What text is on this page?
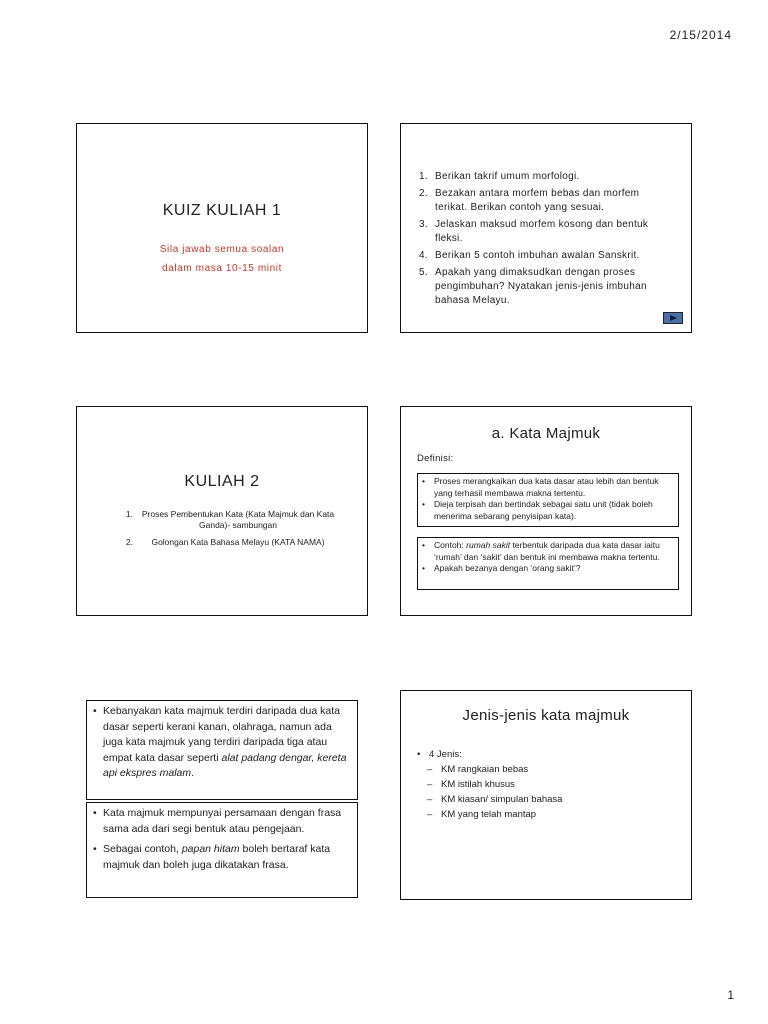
2/15/2014
KUIZ KULIAH 1
Sila jawab semua soalan
dalam masa 10-15 minit
1. Berikan takrif umum morfologi.
2. Bezakan antara morfem bebas dan morfem terikat. Berikan contoh yang sesuai.
3. Jelaskan maksud morfem kosong dan bentuk fleksi.
4. Berikan 5 contoh imbuhan awalan Sanskrit.
5. Apakah yang dimaksudkan dengan proses pengimbuhan? Nyatakan jenis-jenis imbuhan bahasa Melayu.
KULIAH 2
1.	Proses Pembentukan Kata (Kata Majmuk dan Kata Ganda)- sambungan
2.	Golongan Kata Bahasa Melayu (KATA NAMA)
a. Kata Majmuk
Definisi:
•	Proses merangkaikan dua kata dasar atau lebih dan bentuk yang terhasil membawa makna tertentu.
•	Dieja terpisah dan bertindak sebagai satu unit (tidak boleh menerima sebarang penyisipan kata).
•	Contoh: rumah sakit terbentuk daripada dua kata dasar iaitu ‘rumah’ dan ‘sakit’ dan bentuk ini membawa makna tertentu.
•	Apakah bezanya dengan ‘orang sakit’?
• Kebanyakan kata majmuk terdiri daripada dua kata dasar seperti kerani kanan, olahraga, namun ada juga kata majmuk yang terdiri daripada tiga atau empat kata dasar seperti alat padang dengar, kereta api ekspres malam.
• Kata majmuk mempunyai persamaan dengan frasa sama ada dari segi bentuk atau pengejaan.
• Sebagai contoh, papan hitam boleh bertaraf kata majmuk dan boleh juga dikatakan frasa.
Jenis-jenis kata majmuk
• 4 Jenis:
– KM rangkaian bebas
– KM istilah khusus
– KM kiasan/ simpulan bahasa
– KM yang telah mantap
1
